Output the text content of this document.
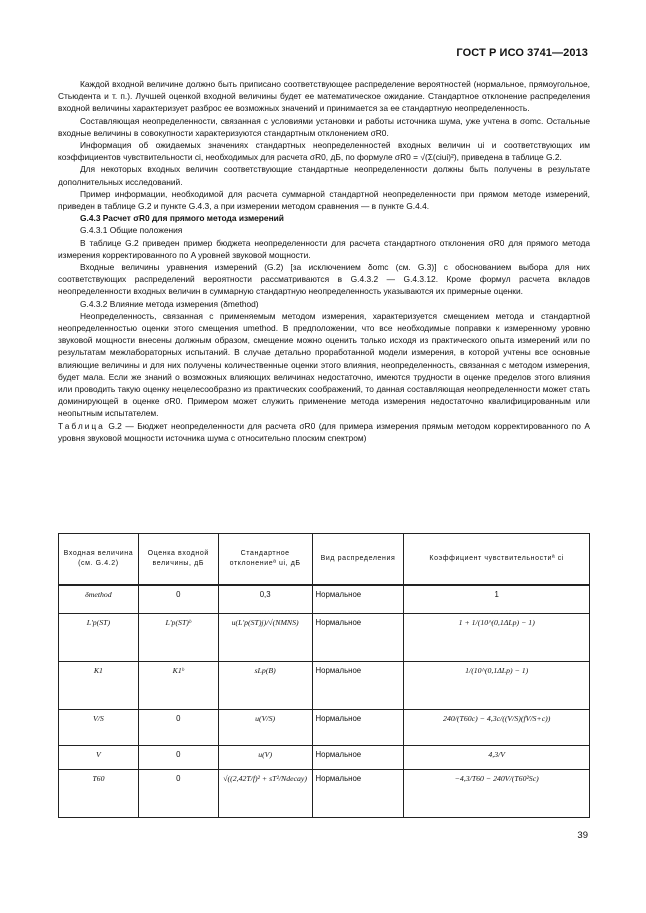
ГОСТ Р ИСО 3741—2013

Каждой входной величине должно быть приписано соответствующее распределение вероятностей (нормальное, прямоугольное, Стьюдента и т. п.). Лучшей оценкой входной величины будет ее математическое ожидание. Стандартное отклонение распределения входной величины характеризует разброс ее возможных значений и принимается за ее стандартную неопределенность.

Составляющая неопределенности, связанная с условиями установки и работы источника шума, уже учтена в σomc. Остальные входные величины в совокупности характеризуются стандартным отклонением σR0.

Информация об ожидаемых значениях стандартных неопределенностей входных величин ui и соответствующих им коэффициентов чувствительности ci, необходимых для расчета σR0, дБ, по формуле σR0 = √(Σ(ciui)²), приведена в таблице G.2.

Для некоторых входных величин соответствующие стандартные неопределенности должны быть получены в результате дополнительных исследований.

Пример информации, необходимой для расчета суммарной стандартной неопределенности при прямом методе измерений, приведен в таблице G.2 и пункте G.4.3, а при измерении методом сравнения — в пункте G.4.4.

G.4.3 Расчет σR0 для прямого метода измерений

G.4.3.1 Общие положения

В таблице G.2 приведен пример бюджета неопределенности для расчета стандартного отклонения σR0 для прямого метода измерения корректированного по A уровней звуковой мощности.

Входные величины уравнения измерений (G.2) [за исключением δomc (см. G.3)] с обоснованием выбора для них соответствующих распределений вероятности рассматриваются в G.4.3.2 — G.4.3.12. Кроме формул расчета вкладов неопределенности входных величин в суммарную стандартную неопределенность указываются их примерные оценки.

G.4.3.2 Влияние метода измерения (δmethod)

Неопределенность, связанная с применяемым методом измерения, характеризуется смещением метода и стандартной неопределенностью оценки этого смещения umethod. В предположении, что все необходимые поправки к измеренному уровню звуковой мощности внесены должным образом, смещение можно оценить только исходя из практического опыта измерений или по результатам межлабораторных испытаний. В случае детально проработанной модели измерения, в которой учтены все основные влияющие величины и для них получены количественные оценки этого влияния, неопределенность, связанная с методом измерения, будет мала. Если же знаний о возможных влияющих величинах недостаточно, имеются трудности в оценке пределов этого влияния или проводить такую оценку нецелесообразно из практических соображений, то данная составляющая неопределенности может стать доминирующей в оценке σR0. Примером может служить применение метода измерения недостаточно квалифицированным или неопытным испытателем.

Таблица G.2 — Бюджет неопределенности для расчета σR0 (для примера измерения прямым методом корректированного по A уровня звуковой мощности источника шума с относительно плоским спектром)

Входная величина (см. G.4.2)	Оценка входной величины, дБ	Стандартное отклонениеª ui, дБ	Вид распределения	Коэффициент чувствительностиª ci
δmethod	0	0,3	Нормальное	1
L'p(ST)	L'p(ST)ᵇ	u(L'p(ST)j)/√(NMNS)	Нормальное	1 + 1/(10^(0,1ΔLp) − 1)
K1	K1ᵇ	sLp(B)	Нормальное	1/(10^(0,1ΔLp) − 1)
V/S	0	u(V/S)	Нормальное	240/(T60c) − 4,3c/((V/S)(fV/S+c))
V	0	u(V)	Нормальное	4,3/V
T60	0	√((2,42T/f)² + sT²/Ndecay)	Нормальное	−4,3/T60 − 240V/(T60²Sc)
39
